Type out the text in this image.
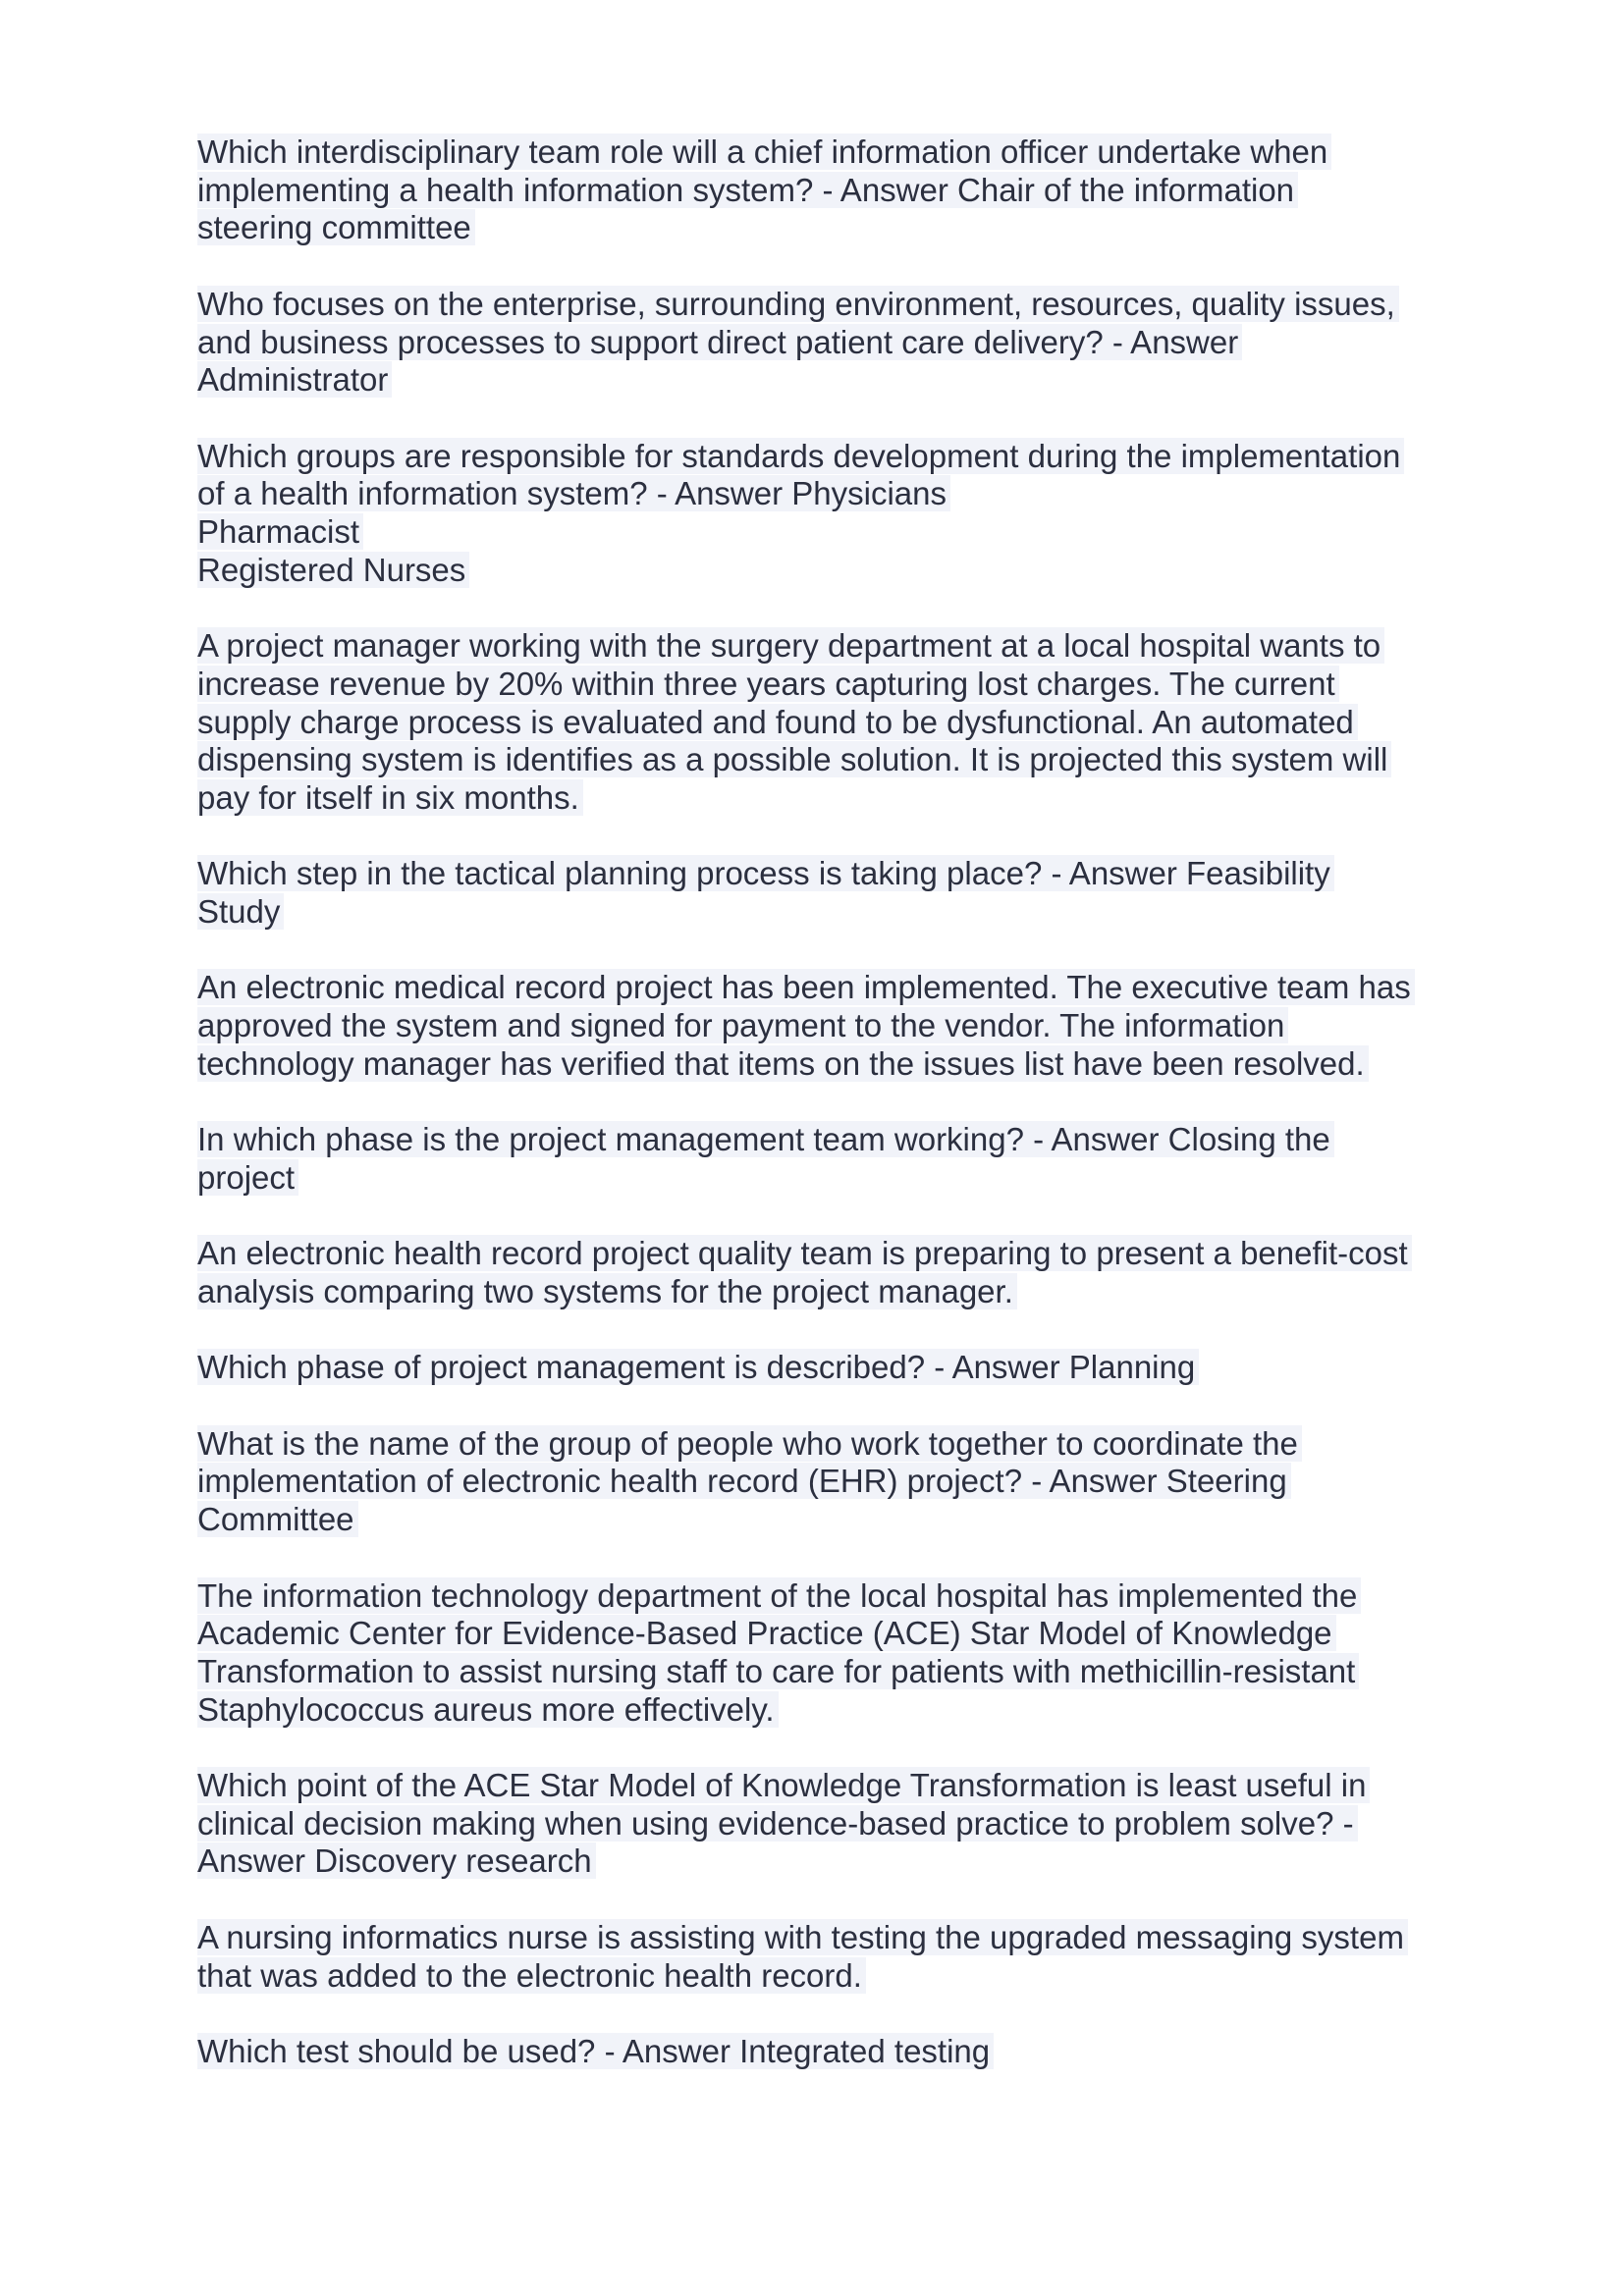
Which interdisciplinary team role will a chief information officer undertake when
implementing a health information system? - Answer Chair of the information
steering committee
Who focuses on the enterprise, surrounding environment, resources, quality issues,
and business processes to support direct patient care delivery? - Answer
Administrator
Which groups are responsible for standards development during the implementation
of a health information system? - Answer Physicians
Pharmacist
Registered Nurses
A project manager working with the surgery department at a local hospital wants to
increase revenue by 20% within three years capturing lost charges. The current
supply charge process is evaluated and found to be dysfunctional. An automated
dispensing system is identifies as a possible solution. It is projected this system will
pay for itself in six months.
Which step in the tactical planning process is taking place? - Answer Feasibility
Study
An electronic medical record project has been implemented. The executive team has
approved the system and signed for payment to the vendor. The information
technology manager has verified that items on the issues list have been resolved.
In which phase is the project management team working? - Answer Closing the
project
An electronic health record project quality team is preparing to present a benefit-cost
analysis comparing two systems for the project manager.
Which phase of project management is described? - Answer Planning
What is the name of the group of people who work together to coordinate the
implementation of electronic health record (EHR) project? - Answer Steering
Committee
The information technology department of the local hospital has implemented the
Academic Center for Evidence-Based Practice (ACE) Star Model of Knowledge
Transformation to assist nursing staff to care for patients with methicillin-resistant
Staphylococcus aureus more effectively.
Which point of the ACE Star Model of Knowledge Transformation is least useful in
clinical decision making when using evidence-based practice to problem solve? -
Answer Discovery research
A nursing informatics nurse is assisting with testing the upgraded messaging system
that was added to the electronic health record.
Which test should be used? - Answer Integrated testing
